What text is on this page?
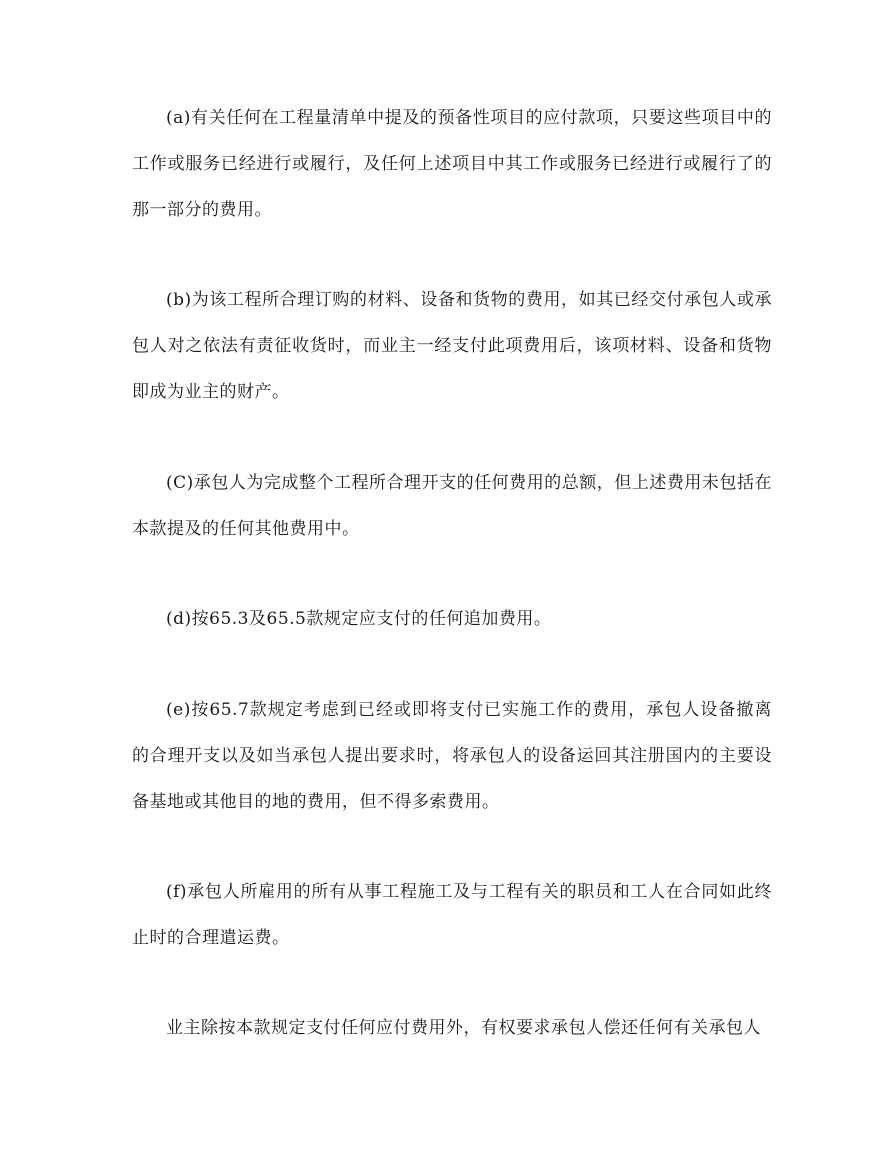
(a)有关任何在工程量清单中提及的预备性项目的应付款项，只要这些项目中的工作或服务已经进行或履行，及任何上述项目中其工作或服务已经进行或履行了的那一部分的费用。

(b)为该工程所合理订购的材料、设备和货物的费用，如其已经交付承包人或承包人对之依法有责征收货时，而业主一经支付此项费用后，该项材料、设备和货物即成为业主的财产。

(C)承包人为完成整个工程所合理开支的任何费用的总额，但上述费用未包括在本款提及的任何其他费用中。

(d)按65.3及65.5款规定应支付的任何追加费用。

(e)按65.7款规定考虑到已经或即将支付已实施工作的费用，承包人设备撤离的合理开支以及如当承包人提出要求时，将承包人的设备运回其注册国内的主要设备基地或其他目的地的费用，但不得多索费用。

(f)承包人所雇用的所有从事工程施工及与工程有关的职员和工人在合同如此终止时的合理遣运费。

业主除按本款规定支付任何应付费用外，有权要求承包人偿还任何有关承包人
